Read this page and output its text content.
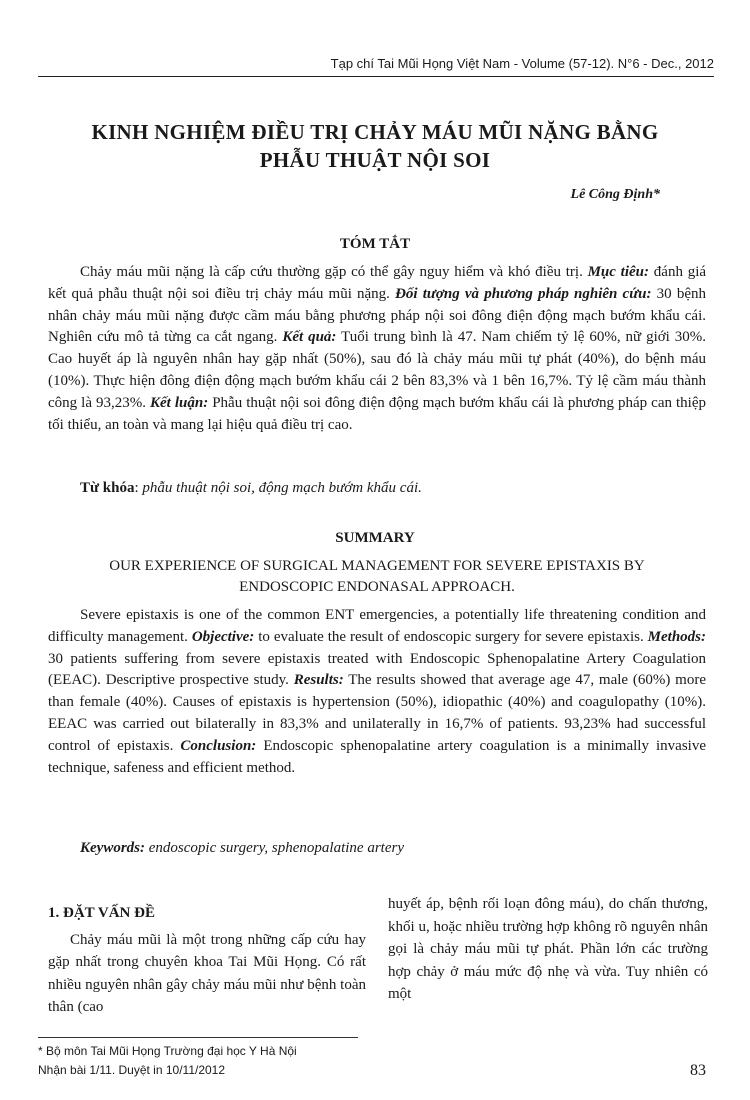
Tạp chí Tai Mũi Họng Việt Nam - Volume (57-12). N°6 - Dec., 2012
KINH NGHIỆM ĐIỀU TRỊ CHẢY MÁU MŨI NẶNG BẰNG
PHẪU THUẬT NỘI SOI
Lê Công Định*
TÓM TẮT
Chảy máu mũi nặng là cấp cứu thường gặp có thể gây nguy hiểm và khó điều trị. Mục tiêu: đánh giá kết quả phẫu thuật nội soi điều trị chảy máu mũi nặng. Đối tượng và phương pháp nghiên cứu: 30 bệnh nhân chảy máu mũi nặng được cầm máu bằng phương pháp nội soi đông điện động mạch bướm khẩu cái. Nghiên cứu mô tả từng ca cắt ngang. Kết quả: Tuổi trung bình là 47. Nam chiếm tỷ lệ 60%, nữ giới 30%. Cao huyết áp là nguyên nhân hay gặp nhất (50%), sau đó là chảy máu mũi tự phát (40%), do bệnh máu (10%). Thực hiện đông điện động mạch bướm khẩu cái 2 bên 83,3% và 1 bên 16,7%. Tỷ lệ cầm máu thành công là 93,23%. Kết luận: Phẫu thuật nội soi đông điện động mạch bướm khẩu cái là phương pháp can thiệp tối thiểu, an toàn và mang lại hiệu quả điều trị cao.
Từ khóa: phẫu thuật nội soi, động mạch bướm khẩu cái.
SUMMARY
OUR EXPERIENCE OF SURGICAL MANAGEMENT FOR SEVERE EPISTAXIS BY
ENDOSCOPIC ENDONASAL APPROACH.
Severe epistaxis is one of the common ENT emergencies, a potentially life threatening condition and difficulty management. Objective: to evaluate the result of endoscopic surgery for severe epistaxis. Methods: 30 patients suffering from severe epistaxis treated with Endoscopic Sphenopalatine Artery Coagulation (EEAC). Descriptive prospective study. Results: The results showed that average age 47, male (60%) more than female (40%). Causes of epistaxis is hypertension (50%), idiopathic (40%) and coagulopathy (10%). EEAC was carried out bilaterally in 83,3% and unilaterally in 16,7% of patients. 93,23% had successful control of epistaxis. Conclusion: Endoscopic sphenopalatine artery coagulation is a minimally invasive technique, safeness and efficient method.
Keywords: endoscopic surgery, sphenopalatine artery
1. ĐẶT VẤN ĐỀ
Chảy máu mũi là một trong những cấp cứu hay gặp nhất trong chuyên khoa Tai Mũi Họng. Có rất nhiều nguyên nhân gây chảy máu mũi như bệnh toàn thân (cao
huyết áp, bệnh rối loạn đông máu), do chấn thương, khối u, hoặc nhiều trường hợp không rõ nguyên nhân gọi là chảy máu mũi tự phát. Phần lớn các trường hợp chảy ở máu mức độ nhẹ và vừa. Tuy nhiên có một
* Bộ môn Tai Mũi Họng Trường đại học Y Hà Nội
Nhận bài 1/11. Duyệt in 10/11/2012	83
